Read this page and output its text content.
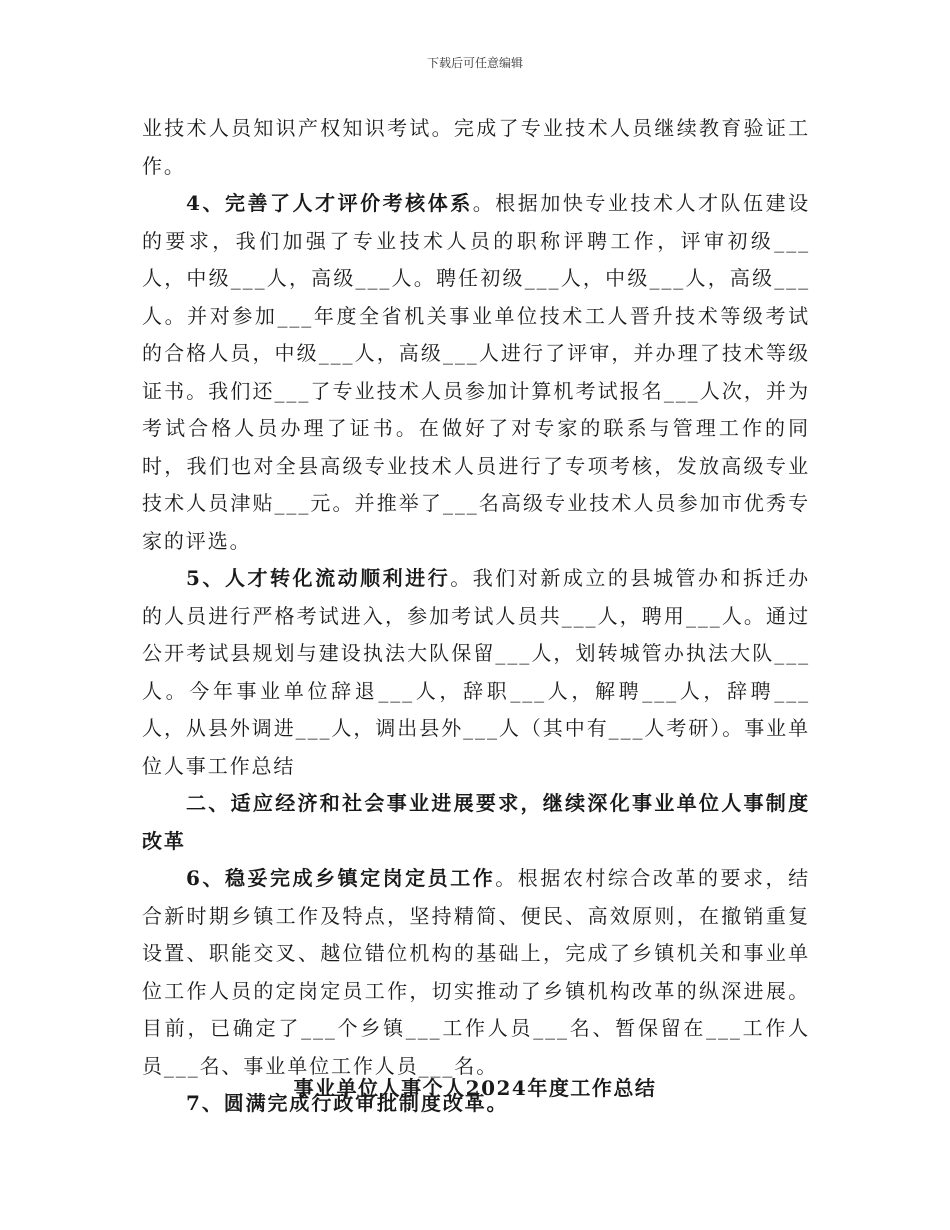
下载后可任意编辑

业技术人员知识产权知识考试。完成了专业技术人员继续教育验证工作。

4、完善了人才评价考核体系。根据加快专业技术人才队伍建设的要求，我们加强了专业技术人员的职称评聘工作，评审初级___人，中级___人，高级___人。聘任初级___人，中级___人，高级___人。并对参加___年度全省机关事业单位技术工人晋升技术等级考试的合格人员，中级___人，高级___人进行了评审，并办理了技术等级证书。我们还___了专业技术人员参加计算机考试报名___人次，并为考试合格人员办理了证书。在做好了对专家的联系与管理工作的同时，我们也对全县高级专业技术人员进行了专项考核，发放高级专业技术人员津贴___元。并推举了___名高级专业技术人员参加市优秀专家的评选。

5、人才转化流动顺利进行。我们对新成立的县城管办和拆迁办的人员进行严格考试进入，参加考试人员共___人，聘用___人。通过公开考试县规划与建设执法大队保留___人，划转城管办执法大队___人。今年事业单位辞退___人，辞职___人，解聘___人，辞聘___人，从县外调进___人，调出县外___人（其中有___人考研）。事业单位人事工作总结

二、适应经济和社会事业进展要求，继续深化事业单位人事制度改革

6、稳妥完成乡镇定岗定员工作。根据农村综合改革的要求，结合新时期乡镇工作及特点，坚持精简、便民、高效原则，在撤销重复设置、职能交叉、越位错位机构的基础上，完成了乡镇机关和事业单位工作人员的定岗定员工作，切实推动了乡镇机构改革的纵深进展。目前，已确定了___个乡镇___工作人员___名、暂保留在___工作人员___名、事业单位工作人员___名。

7、圆满完成行政审批制度改革。

事业单位人事个人2024年度工作总结
